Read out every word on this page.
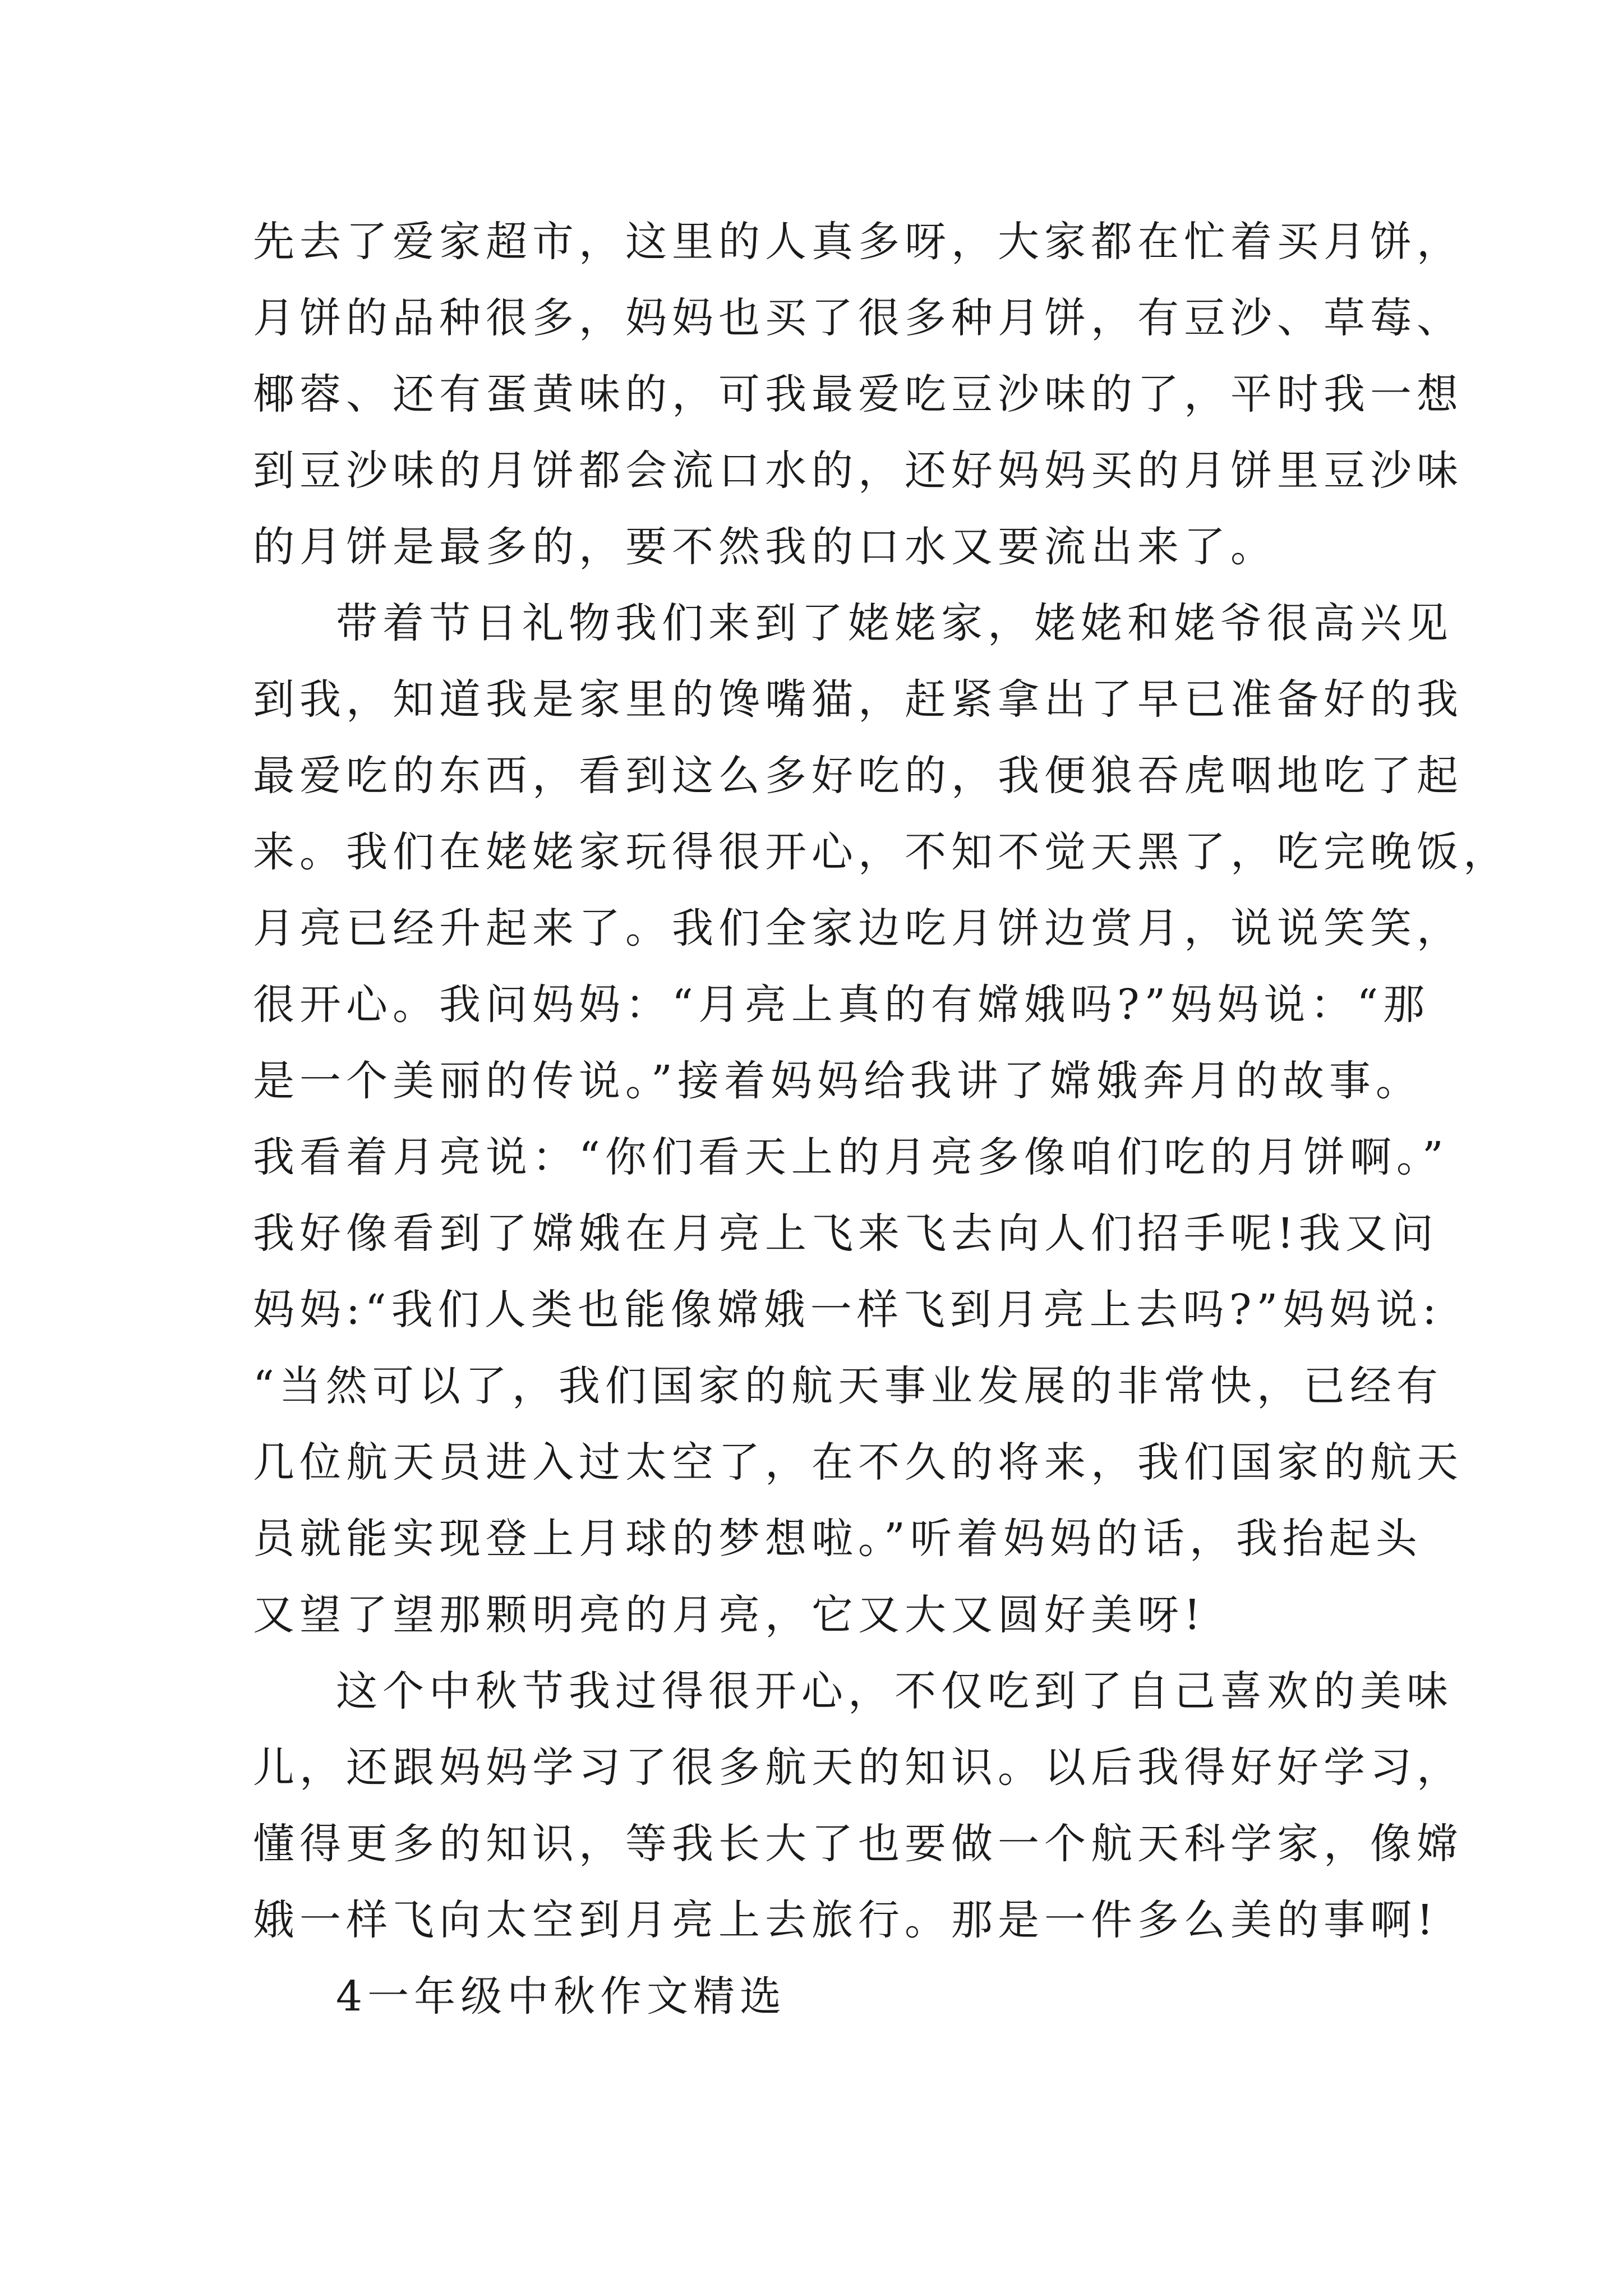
先去了爱家超市，这里的人真多呀，大家都在忙着买月饼，
月饼的品种很多，妈妈也买了很多种月饼，有豆沙、草莓、
椰蓉、还有蛋黄味的，可我最爱吃豆沙味的了，平时我一想
到豆沙味的月饼都会流口水的，还好妈妈买的月饼里豆沙味
的月饼是最多的，要不然我的口水又要流出来了。
带着节日礼物我们来到了姥姥家，姥姥和姥爷很高兴见
到我，知道我是家里的馋嘴猫，赶紧拿出了早已准备好的我
最爱吃的东西，看到这么多好吃的，我便狼吞虎咽地吃了起
来。我们在姥姥家玩得很开心，不知不觉天黑了，吃完晚饭，
月亮已经升起来了。我们全家边吃月饼边赏月，说说笑笑，
很开心。我问妈妈：“月亮上真的有嫦娥吗?”妈妈说：“那
是一个美丽的传说。”接着妈妈给我讲了嫦娥奔月的故事。
我看着月亮说：“你们看天上的月亮多像咱们吃的月饼啊。”
我好像看到了嫦娥在月亮上飞来飞去向人们招手呢!我又问
妈妈:“我们人类也能像嫦娥一样飞到月亮上去吗?”妈妈说:
“当然可以了，我们国家的航天事业发展的非常快，已经有
几位航天员进入过太空了，在不久的将来，我们国家的航天
员就能实现登上月球的梦想啦。”听着妈妈的话，我抬起头
又望了望那颗明亮的月亮，它又大又圆好美呀!
这个中秋节我过得很开心，不仅吃到了自己喜欢的美味
儿，还跟妈妈学习了很多航天的知识。以后我得好好学习，
懂得更多的知识，等我长大了也要做一个航天科学家，像嫦
娥一样飞向太空到月亮上去旅行。那是一件多么美的事啊!
4一年级中秋作文精选
